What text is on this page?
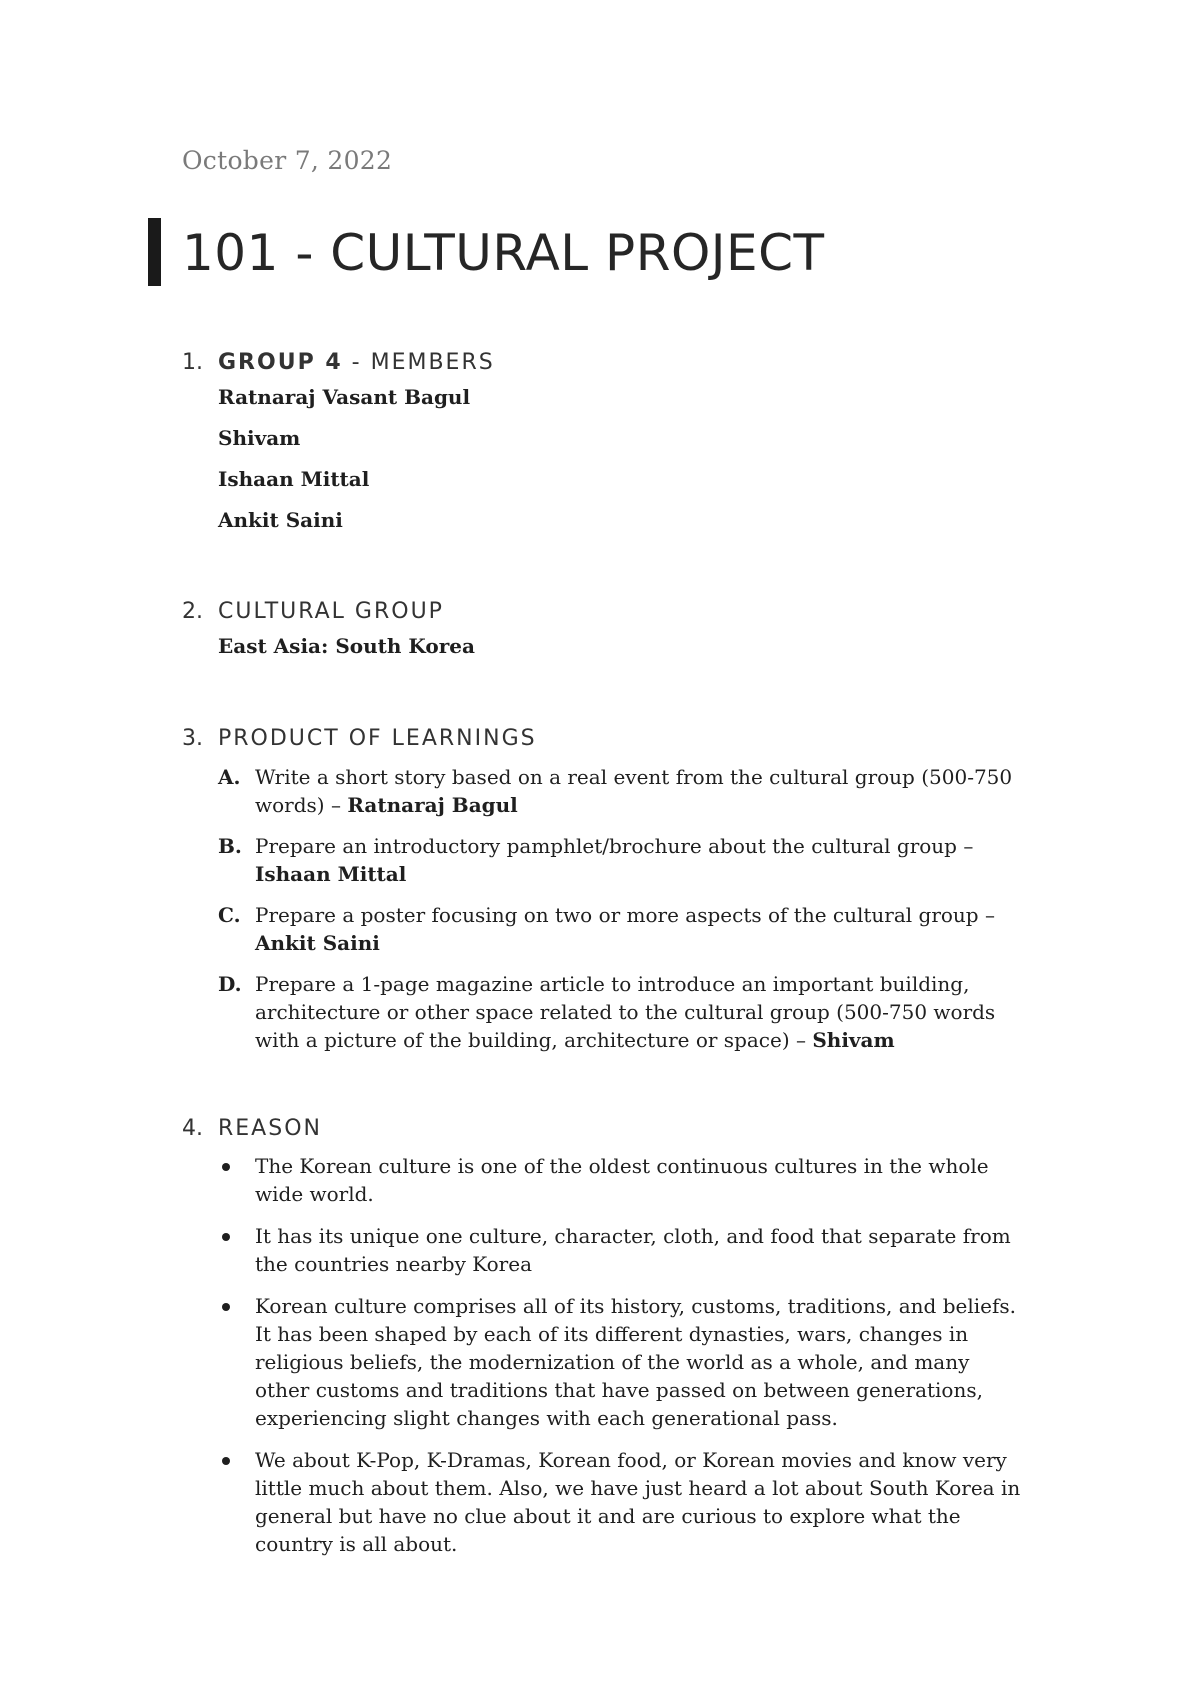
October 7, 2022
101 - CULTURAL PROJECT
1. GROUP 4 - MEMBERS
Ratnaraj Vasant Bagul
Shivam
Ishaan Mittal
Ankit Saini
2. CULTURAL GROUP
East Asia: South Korea
3. PRODUCT OF LEARNINGS
A. Write a short story based on a real event from the cultural group (500-750 words) – Ratnaraj Bagul
B. Prepare an introductory pamphlet/brochure about the cultural group – Ishaan Mittal
C. Prepare a poster focusing on two or more aspects of the cultural group – Ankit Saini
D. Prepare a 1-page magazine article to introduce an important building, architecture or other space related to the cultural group (500-750 words with a picture of the building, architecture or space) – Shivam
4. REASON
The Korean culture is one of the oldest continuous cultures in the whole wide world.
It has its unique one culture, character, cloth, and food that separate from the countries nearby Korea
Korean culture comprises all of its history, customs, traditions, and beliefs. It has been shaped by each of its different dynasties, wars, changes in religious beliefs, the modernization of the world as a whole, and many other customs and traditions that have passed on between generations, experiencing slight changes with each generational pass.
We about K-Pop, K-Dramas, Korean food, or Korean movies and know very little much about them. Also, we have just heard a lot about South Korea in general but have no clue about it and are curious to explore what the country is all about.
